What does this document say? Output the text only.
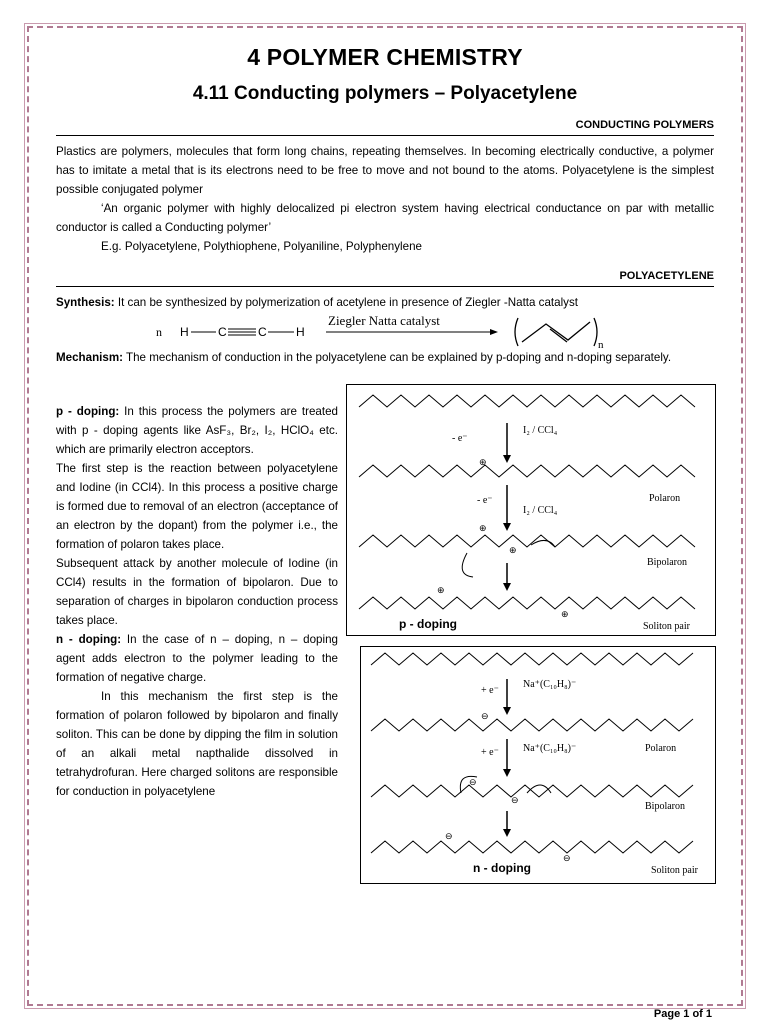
4 POLYMER CHEMISTRY
4.11 Conducting polymers – Polyacetylene
CONDUCTING POLYMERS

Plastics are polymers, molecules that form long chains, repeating themselves. In becoming electrically conductive, a polymer has to imitate a metal that is its electrons need to be free to move and not bound to the atoms. Polyacetylene is the simplest possible conjugated polymer

‘An organic polymer with highly delocalized pi electron system having electrical conductance on par with metallic conductor is called a Conducting polymer’

E.g. Polyacetylene, Polythiophene, Polyaniline, Polyphenylene

POLYACETYLENE

Synthesis: It can be synthesized by polymerization of acetylene in presence of Ziegler -Natta catalyst

n H C	C H
Ziegler Natta catalyst
n

Mechanism: The mechanism of conduction in the polyacetylene can be explained by p-doping and n-doping separately.

p - doping: In this process the polymers are treated with p - doping agents like AsF₃, Br₂, I₂, HClO₄ etc. which are primarily electron acceptors.

The first step is the reaction between polyacetylene and Iodine (in CCl4). In this process a positive charge is formed due to removal of an electron (acceptance of an electron by the dopant) from the polymer i.e., the formation of polaron takes place.

Subsequent attack by another molecule of Iodine (in CCl4) results in the formation of bipolaron. Due to separation of charges in bipolaron conduction process takes place.

n - doping: In the case of n – doping, n – doping agent adds electron to the polymer leading to the formation of negative charge.

In this mechanism the first step is the formation of polaron followed by bipolaron and finally soliton. This can be done by dipping the film in solution of an alkali metal napthalide dissolved in tetrahydrofuran. Here charged solitons are responsible for conduction in polyacetylene

- e⁻
I₂ / CCl₄
⊕
- e⁻
I₂ / CCl₄
Polaron
⊕
⊕
Bipolaron
⊕
⊕
p - doping	Soliton pair
+ e⁻
Na⁺(C₁₀H₈)⁻
⊖
+ e⁻ Na⁺(C₁₀H₈)⁻	Polaron
⊖
⊖
Bipolaron
⊖
⊖
n - doping	Soliton pair
Page 1 of 1
